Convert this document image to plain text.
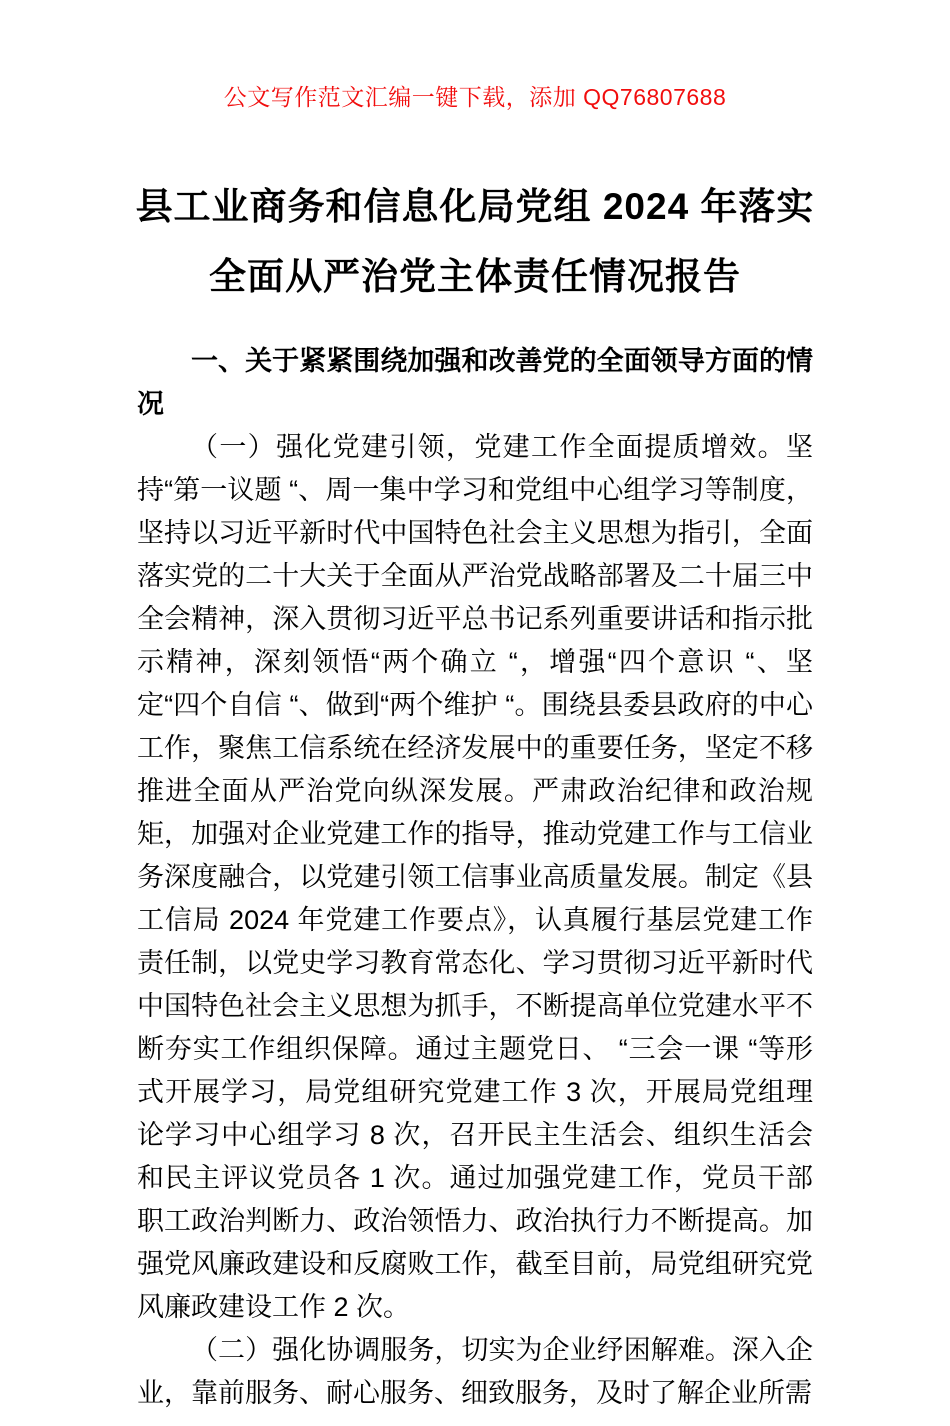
公文写作范文汇编一键下载，添加 QQ76807688
县工业商务和信息化局党组 2024 年落实全面从严治党主体责任情况报告

一、关于紧紧围绕加强和改善党的全面领导方面的情况

（一）强化党建引领，党建工作全面提质增效。坚持“第一议题 “、周一集中学习和党组中心组学习等制度，坚持以习近平新时代中国特色社会主义思想为指引，全面落实党的二十大关于全面从严治党战略部署及二十届三中全会精神，深入贯彻习近平总书记系列重要讲话和指示批示精神，深刻领悟“两个确立 “，增强“四个意识 “、坚定“四个自信 “、做到“两个维护 “。围绕县委县政府的中心工作，聚焦工信系统在经济发展中的重要任务，坚定不移推进全面从严治党向纵深发展。严肃政治纪律和政治规矩，加强对企业党建工作的指导，推动党建工作与工信业务深度融合，以党建引领工信事业高质量发展。制定《县工信局 2024 年党建工作要点》，认真履行基层党建工作责任制，以党史学习教育常态化、学习贯彻习近平新时代中国特色社会主义思想为抓手，不断提高单位党建水平不断夯实工作组织保障。通过主题党日、 “三会一课 “等形式开展学习，局党组研究党建工作 3 次，开展局党组理论学习中心组学习 8 次，召开民主生活会、组织生活会和民主评议党员各 1 次。通过加强党建工作，党员干部职工政治判断力、政治领悟力、政治执行力不断提高。加强党风廉政建设和反腐败工作，截至目前，局党组研究党风廉政建设工作 2 次。

（二）强化协调服务，切实为企业纾困解难。深入企业，靠前服务、耐心服务、细致服务，及时了解企业所需
